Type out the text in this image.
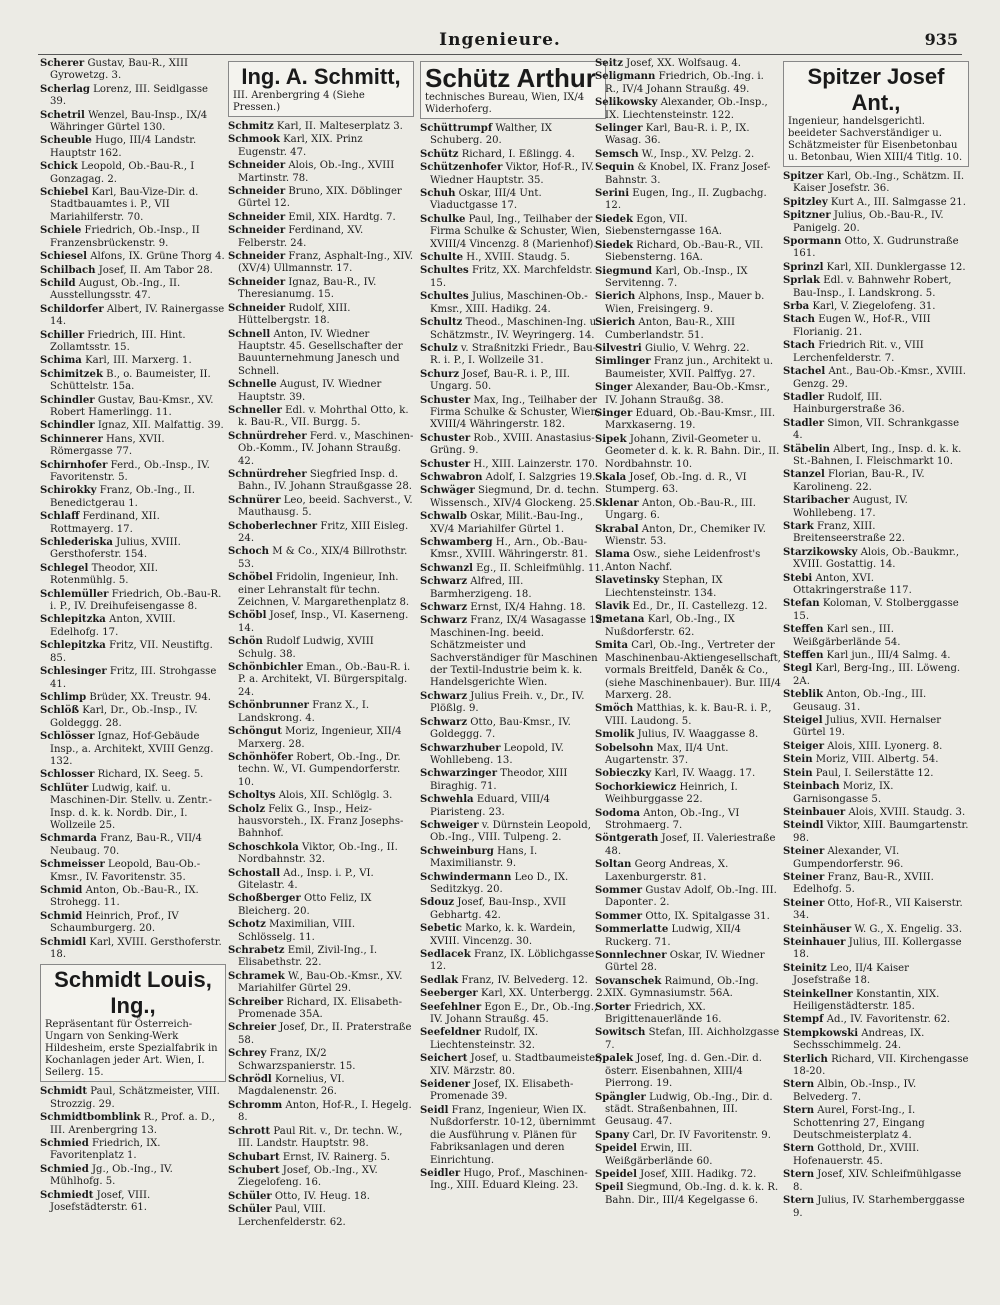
Ingenieure.	935
Scherer Gustav, Bau-R., XIII Gyrowetzg. 3.
Scherlag Lorenz, III. Seidlgasse 39.
Schetril Wenzel, Bau-Insp., IX/4 Währinger Gürtel 130.
Scheuble Hugo, III/4 Landstr. Hauptstr 162.
Schick Leopold, Ob.-Bau-R., I Gonzagag. 2.
Schiebel Karl, Bau-Vize-Dir. d. Stadtbauamtes i. P., VII Mariahilferstr. 70.
Schiele Friedrich, Ob.-Insp., II Franzensbrückenstr. 9.
Schiesel Alfons, IX. Grüne Thorg 4.
Schilbach Josef, II. Am Tabor 28.
Schild August, Ob.-Ing., II. Ausstellungsstr. 47.
Schildorfer Albert, IV. Rainergasse 14.
Schiller Friedrich, III. Hint. Zollamtsstr. 15.
Schima Karl, III. Marxerg. 1.
Schimitzek B., o. Baumeister, II. Schüttelstr. 15a.
Schindler Gustav, Bau-Kmsr., XV. Robert Hamerlingg. 11.
Schindler Ignaz, XII. Malfattig. 39.
Schinnerer Hans, XVII. Römergasse 77.
Schirnhofer Ferd., Ob.-Insp., IV. Favoritenstr. 5.
Schirokky Franz, Ob.-Ing., II. Benedictgerau 1.
Schlaff Ferdinand, XII. Rottmayerg. 17.
Schlederiska Julius, XVIII. Gersthoferstr. 154.
Schlegel Theodor, XII. Rotenmühlg. 5.
Schlemüller Friedrich, Ob.-Bau-R. i. P., IV. Dreihufeisengasse 8.
Schlepitzka Anton, XVIII. Edelhofg. 17.
Schlepitzka Fritz, VII. Neustiftg. 85.
Schlesinger Fritz, III. Strohgasse 41.
Schlimp Brüder, XX. Treustr. 94.
Schlöß Karl, Dr., Ob.-Insp., IV. Goldeggg. 28.
Schlösser Ignaz, Hof-Gebäude Insp., a. Architekt, XVIII Genzg. 132.
Schlosser Richard, IX. Seeg. 5.
Schlüter Ludwig, kaif. u. Maschinen-Dir. Stellv. u. Zentr.-Insp. d. k. k. Nordb. Dir., I. Wollzeile 25.
Schmarda Franz, Bau-R., VII/4 Neubaug. 70.
Schmeisser Leopold, Bau-Ob.-Kmsr., IV. Favoritenstr. 35.
Schmid Anton, Ob.-Bau-R., IX. Strohegg. 11.
Schmid Heinrich, Prof., IV Schaumburgerg. 20.
Schmidl Karl, XVIII. Gersthoferstr. 18.
Schmidt Louis, Ing.,
Repräsentant für Österreich-Ungarn von Senking-Werk Hildesheim, erste Spezialfabrik in Kochanlagen jeder Art. Wien, I. Seilerg. 15.
Schmidt Paul, Schätzmeister, VIII. Strozzig. 29.
Schmidtbomblink R., Prof. a. D., III. Arenbergring 13.
Schmied Friedrich, IX. Favoritenplatz 1.
Schmied Jg., Ob.-Ing., IV. Mühlhofg. 5.
Schmiedt Josef, VIII. Josefstädterstr. 61.
Ing. A. Schmitt,
III. Arenbergring 4 (Siehe Pressen.)
Schmitz Karl, II. Malteserplatz 3.
Schmook Karl, XIX. Prinz Eugenstr. 47.
Schneider Alois, Ob.-Ing., XVIII Martinstr. 78.
Schneider Bruno, XIX. Döblinger Gürtel 12.
Schneider Emil, XIX. Hardtg. 7.
Schneider Ferdinand, XV. Felberstr. 24.
Schneider Franz, Asphalt-Ing., XIV. (XV/4) Ullmannstr. 17.
Schneider Ignaz, Bau-R., IV. Theresianumg. 15.
Schneider Rudolf, XIII. Hüttelbergstr. 18.
Schnell Anton, IV. Wiedner Hauptstr. 45. Gesellschafter der Bauunternehmung Janesch und Schnell.
Schnelle August, IV. Wiedner Hauptstr. 39.
Schneller Edl. v. Mohrthal Otto, k. k. Bau-R., VII. Burgg. 5.
Schnürdreher Ferd. v., Maschinen-Ob.-Komm., IV. Johann Straußg. 42.
Schnürdreher Siegfried Insp. d. Bahn., IV. Johann Straußgasse 28.
Schnürer Leo, beeid. Sachverst., V. Mauthausg. 5.
Schoberlechner Fritz, XIII Eisleg. 24.
Schoch M & Co., XIX/4 Billrothstr. 53.
Schöbel Fridolin, Ingenieur, Inh. einer Lehranstalt für techn. Zeichnen, V. Margarethenplatz 8.
Schöbl Josef, Insp., VI. Kaserneng. 14.
Schön Rudolf Ludwig, XVIII Schulg. 38.
Schönbichler Eman., Ob.-Bau-R. i. P. a. Architekt, VI. Bürgerspitalg. 24.
Schönbrunner Franz X., I. Landskrong. 4.
Schöngut Moriz, Ingenieur, XII/4 Marxerg. 28.
Schönhöfer Robert, Ob.-Ing., Dr. techn. W., VI. Gumpendorferstr. 10.
Scholtys Alois, XII. Schlöglg. 3.
Scholz Felix G., Insp., Heiz-hausvorsteh., IX. Franz Josephs-Bahnhof.
Schoschkola Viktor, Ob.-Ing., II. Nordbahnstr. 32.
Schostall Ad., Insp. i. P., VI. Gitelastr. 4.
Schoßberger Otto Feliz, IX Bleicherg. 20.
Schotz Maximilian, VIII. Schlösselg. 11.
Schrabetz Emil, Zivil-Ing., I. Elisabethstr. 22.
Schramek W., Bau-Ob.-Kmsr., XV. Mariahilfer Gürtel 29.
Schreiber Richard, IX. Elisabeth-Promenade 35A.
Schreier Josef, Dr., II. Praterstraße 58.
Schrey Franz, IX/2 Schwarzspanierstr. 15.
Schrödl Kornelius, VI. Magdalenenstr. 26.
Schromm Anton, Hof-R., I. Hegelg. 8.
Schrott Paul Rit. v., Dr. techn. W., III. Landstr. Hauptstr. 98.
Schubart Ernst, IV. Rainerg. 5.
Schubert Josef, Ob.-Ing., XV. Ziegelofeng. 16.
Schüler Otto, IV. Heug. 18.
Schüler Paul, VIII. Lerchenfelderstr. 62.
Schütz Arthur
technisches Bureau, Wien, IX/4 Widerhoferg.
Schüttrumpf Walther, IX Schuberg. 20.
Schütz Richard, I. Eßlingg. 4.
Schützenhofer Viktor, Hof-R., IV. Wiedner Hauptstr. 35.
Schuh Oskar, III/4 Unt. Viaductgasse 17.
Schulke Paul, Ing., Teilhaber der Firma Schulke & Schuster, Wien, XVIII/4 Vincenzg. 8 (Marienhof).
Schulte H., XVIII. Staudg. 5.
Schultes Fritz, XX. Marchfeldstr. 15.
Schultes Julius, Maschinen-Ob.-Kmsr., XIII. Hadikg. 24.
Schultz Theod., Maschinen-Ing. u. Schätzmstr., IV. Weyringerg. 14.
Schulz v. Straßnitzki Friedr., Bau-R. i. P., I. Wollzeile 31.
Schurz Josef, Bau-R. i. P., III. Ungarg. 50.
Schuster Max, Ing., Teilhaber der Firma Schulke & Schuster, Wien, XVIII/4 Währingerstr. 182.
Schuster Rob., XVIII. Anastasius-Grüng. 9.
Schuster H., XIII. Lainzerstr. 170.
Schwabron Adolf, I. Salzgries 19.
Schwäger Siegmund, Dr. d. techn. Wissensch., XIV/4 Glockeng. 25.
Schwalb Oskar, Milit.-Bau-Ing., XV/4 Mariahilfer Gürtel 1.
Schwamberg H., Arn., Ob.-Bau-Kmsr., XVIII. Währingerstr. 81.
Schwanzl Eg., II. Schleifmühlg. 11.
Schwarz Alfred, III. Barmherzigeng. 18.
Schwarz Ernst, IX/4 Hahng. 18.
Schwarz Franz, IX/4 Wasagasse 12. Maschinen-Ing. beeid. Schätzmeister und Sachverständiger für Maschinen der Textil-Industrie beim k. k. Handelsgerichte Wien.
Schwarz Julius Freih. v., Dr., IV. Plößlg. 9.
Schwarz Otto, Bau-Kmsr., IV. Goldeggg. 7.
Schwarzhuber Leopold, IV. Wohllebeng. 13.
Schwarzinger Theodor, XIII Biraghig. 71.
Schwehla Eduard, VIII/4 Piaristeng. 23.
Schweiger v. Dürnstein Leopold, Ob.-Ing., VIII. Tulpeng. 2.
Schweinburg Hans, I. Maximilianstr. 9.
Schwindermann Leo D., IX. Seditzkyg. 20.
Sdouz Josef, Bau-Insp., XVII Gebhartg. 42.
Sebetic Marko, k. k. Wardein, XVIII. Vincenzg. 30.
Sedlacek Franz, IX. Löblichgasse 12.
Sedlak Franz, IV. Belvederg. 12.
Seeberger Karl, XX. Unterbergg. 2.
Seefehlner Egon E., Dr., Ob.-Ing., IV. Johann Straußg. 45.
Seefeldner Rudolf, IX. Liechtensteinstr. 32.
Seichert Josef, u. Stadtbaumeister, XIV. Märzstr. 80.
Seidener Josef, IX. Elisabeth-Promenade 39.
Seidl Franz, Ingenieur, Wien IX. Nußdorferstr. 10-12, übernimmt die Ausführung v. Plänen für Fabriksanlagen und deren Einrichtung.
Seidler Hugo, Prof., Maschinen-Ing., XIII. Eduard Kleing. 23.
Seitz Josef, XX. Wolfsaug. 4.
Seligmann Friedrich, Ob.-Ing. i. R., IV/4 Johann Straußg. 49.
Selikowsky Alexander, Ob.-Insp., IX. Liechtensteinstr. 122.
Selinger Karl, Bau-R. i. P., IX. Wasag. 36.
Semsch W., Insp., XV. Pelzg. 2.
Sequin & Knobel, IX. Franz Josef-Bahnstr. 3.
Serini Eugen, Ing., II. Zugbachg. 12.
Siedek Egon, VII. Siebensterngasse 16A.
Siedek Richard, Ob.-Bau-R., VII. Siebensterng. 16A.
Siegmund Karl, Ob.-Insp., IX Servitenng. 7.
Sierich Alphons, Insp., Mauer b. Wien, Freisingerg. 9.
Sierich Anton, Bau-R., XIII Cumberlandstr. 51.
Silvestri Giulio, V. Wehrg. 22.
Simlinger Franz jun., Architekt u. Baumeister, XVII. Palffyg. 27.
Singer Alexander, Bau-Ob.-Kmsr., IV. Johann Straußg. 38.
Singer Eduard, Ob.-Bau-Kmsr., III. Marxkaserng. 19.
Sipek Johann, Zivil-Geometer u. Geometer d. k. k. R. Bahn. Dir., II. Nordbahnstr. 10.
Skala Josef, Ob.-Ing. d. R., VI Stumperg. 63.
Sklenar Anton, Ob.-Bau-R., III. Ungarg. 6.
Skrabal Anton, Dr., Chemiker IV. Wienstr. 53.
Slama Osw., siehe Leidenfrost's Anton Nachf.
Slavetinsky Stephan, IX Liechtensteinstr. 134.
Slavik Ed., Dr., II. Castellezg. 12.
Smetana Karl, Ob.-Ing., IX Nußdorferstr. 62.
Smita Carl, Ob.-Ing., Vertreter der Maschinenbau-Aktiengesellschaft, vormals Breitfeld, Daněk & Co., (siehe Maschinenbauer). Bur. III/4 Marxerg. 28.
Smöch Matthias, k. k. Bau-R. i. P., VIII. Laudong. 5.
Smolik Julius, IV. Waaggasse 8.
Sobelsohn Max, II/4 Unt. Augartenstr. 37.
Sobieczky Karl, IV. Waagg. 17.
Sochorkiewicz Heinrich, I. Weihburggasse 22.
Sodoma Anton, Ob.-Ing., VI Strohmaerg. 7.
Söntgerath Josef, II. Valeriestraße 48.
Soltan Georg Andreas, X. Laxenburgerstr. 81.
Sommer Gustav Adolf, Ob.-Ing. III. Dapontег. 2.
Sommer Otto, IX. Spitalgasse 31.
Sommerlatte Ludwig, XII/4 Ruckerg. 71.
Sonnlechner Oskar, IV. Wiedner Gürtel 28.
Sovanschek Raimund, Ob.-Ing. XIX. Gymnasiumstr. 56A.
Sorter Friedrich, XX. Brigittenauerlände 16.
Sowitsch Stefan, III. Aichholzgasse 7.
Spalek Josef, Ing. d. Gen.-Dir. d. österr. Eisenbahnen, XIII/4 Pierrong. 19.
Spängler Ludwig, Ob.-Ing., Dir. d. städt. Straßenbahnen, III. Geusaug. 47.
Spany Carl, Dr. IV Favoritenstr. 9.
Speidel Erwin, III. Weißgärberlände 60.
Speidel Josef, XIII. Hadikg. 72.
Speil Siegmund, Ob.-Ing. d. k. k. R. Bahn. Dir., III/4 Kegelgasse 6.
Spitzer Josef Ant.,
Ingenieur, handelsgerichtl. beeideter Sachverständiger u. Schätzmeister für Eisenbetonbau u. Betonbau, Wien XIII/4 Titlg. 10.
Spitzer Karl, Ob.-Ing., Schätzm. II. Kaiser Josefstr. 36.
Spitzley Kurt A., III. Salmgasse 21.
Spitzner Julius, Ob.-Bau-R., IV. Panigelg. 20.
Spormann Otto, X. Gudrunstraße 161.
Sprinzl Karl, XII. Dunklergasse 12.
Sprlak Edl. v. Bahnwehr Robert, Bau-Insp., I. Landskrong. 5.
Srba Karl, V. Ziegelofeng. 31.
Stach Eugen W., Hof-R., VIII Florianig. 21.
Stach Friedrich Rit. v., VIII Lerchenfelderstr. 7.
Stachel Ant., Bau-Ob.-Kmsr., XVIII. Genzg. 29.
Stadler Rudolf, III. Hainburgerstraße 36.
Stadler Simon, VII. Schrankgasse 4.
Stäbelin Albert, Ing., Insp. d. k. k. St.-Bahnen, I. Fleischmarkt 10.
Stanzel Florian, Bau-R., IV. Karolineng. 22.
Staribacher August, IV. Wohllebeng. 17.
Stark Franz, XIII. Breitenseerstraße 22.
Starzikowsky Alois, Ob.-Baukmr., XVIII. Gostattig. 14.
Stebi Anton, XVI. Ottakringerstraße 117.
Stefan Koloman, V. Stolberggasse 15.
Steffen Karl sen., III. Weißgärberlände 54.
Steffen Karl jun., III/4 Salmg. 4.
Stegl Karl, Berg-Ing., III. Löweng. 2A.
Steblik Anton, Ob.-Ing., III. Geusaug. 31.
Steigel Julius, XVII. Hernalser Gürtel 19.
Steiger Alois, XIII. Lyonerg. 8.
Stein Moriz, VIII. Albertg. 54.
Stein Paul, I. Seilerstätte 12.
Steinbach Moriz, IX. Garnisongasse 5.
Steinbauer Alois, XVIII. Staudg. 3.
Steindl Viktor, XIII. Baumgartenstr. 98.
Steiner Alexander, VI. Gumpendorferstr. 96.
Steiner Franz, Bau-R., XVIII. Edelhofg. 5.
Steiner Otto, Hof-R., VII Kaiserstr. 34.
Steinhäuser W. G., X. Engelig. 33.
Steinhauer Julius, III. Kollergasse 18.
Steinitz Leo, II/4 Kaiser Josefstraße 18.
Steinkellner Konstantin, XIX. Heiligenstädterstr. 185.
Stempf Ad., IV. Favoritenstr. 62.
Stempkowski Andreas, IX. Sechsschimmelg. 24.
Sterlich Richard, VII. Kirchengasse 18-20.
Stern Albin, Ob.-Insp., IV. Belvederg. 7.
Stern Aurel, Forst-Ing., I. Schottenring 27, Eingang Deutschmeisterplatz 4.
Stern Gotthold, Dr., XVIII. Hofenauerstr. 45.
Stern Josef, XIV. Schleifmühlgasse 8.
Stern Julius, IV. Starhemberggasse 9.
